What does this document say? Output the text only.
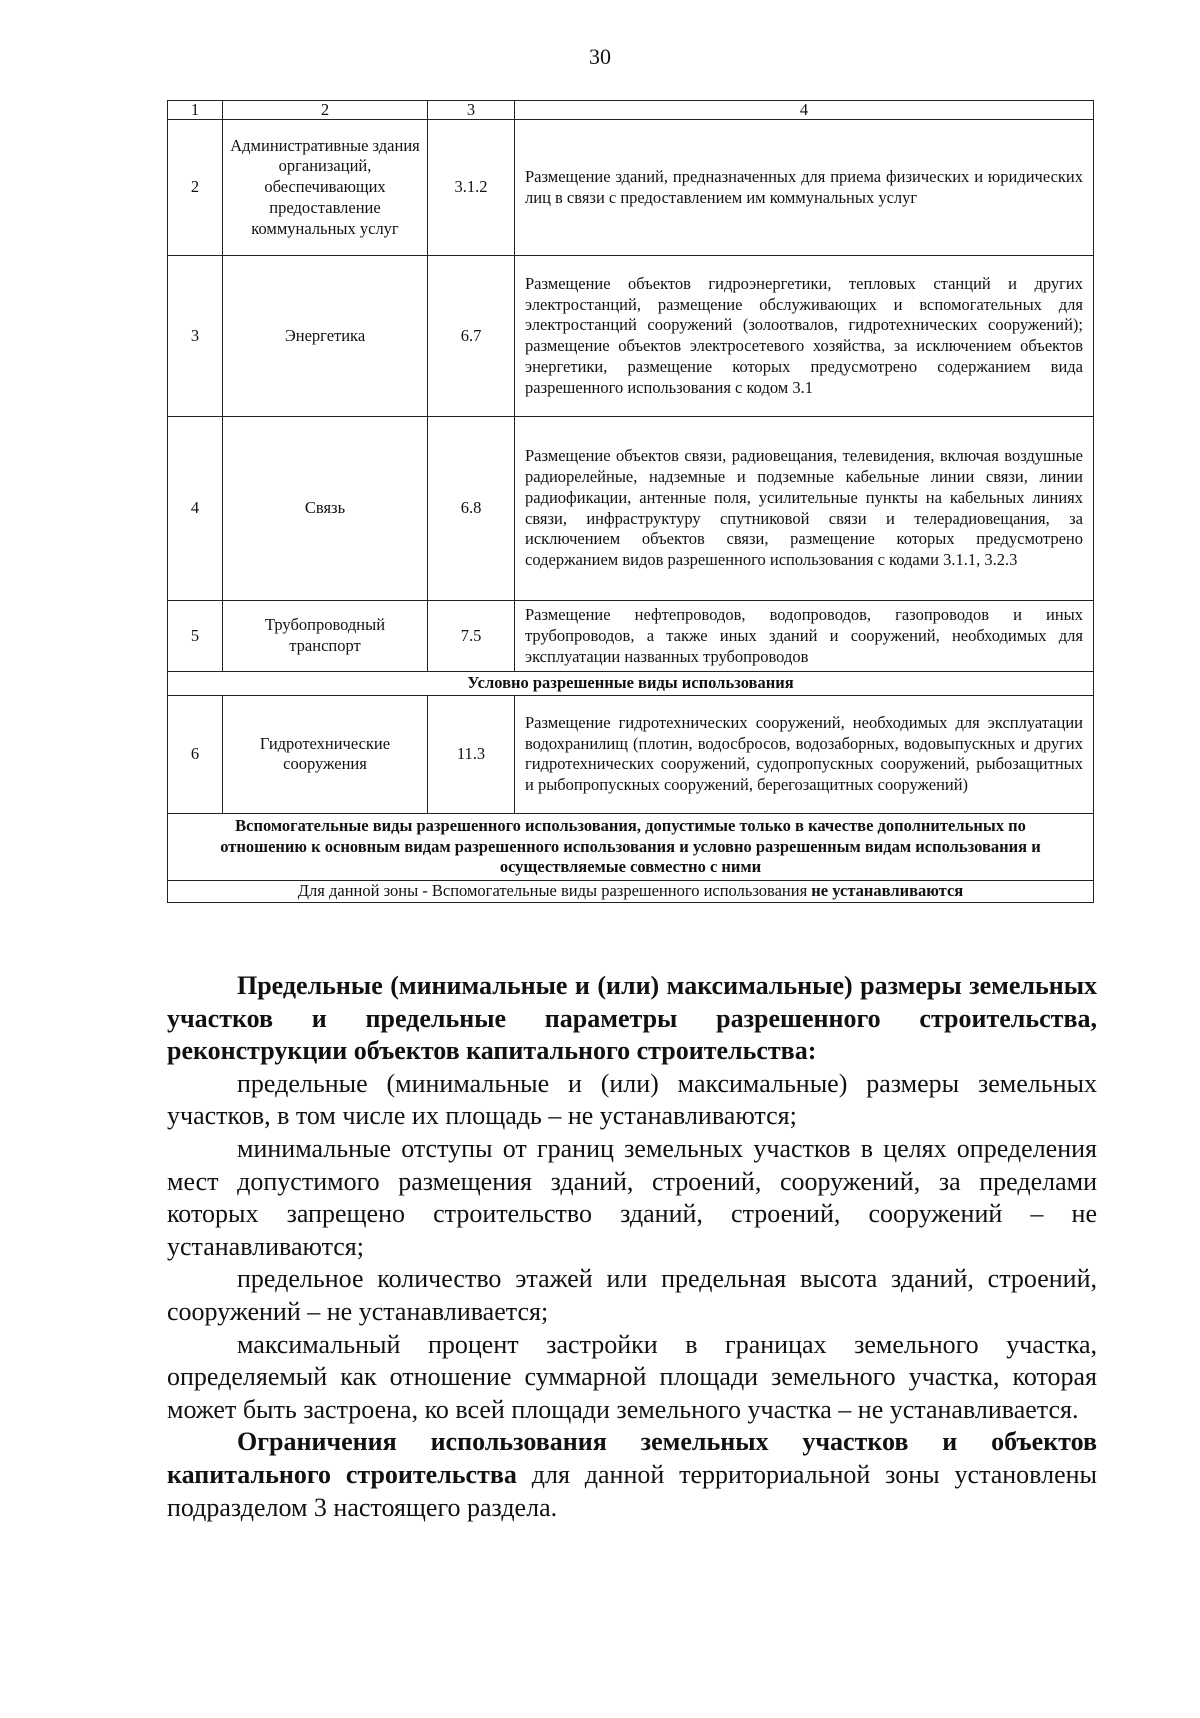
30
1	2	3	4
2	Административные здания организаций, обеспечивающих предоставление коммунальных услуг	3.1.2	Размещение зданий, предназначенных для приема физических и юридических лиц в связи с предоставлением им коммунальных услуг
3	Энергетика	6.7	Размещение объектов гидроэнергетики, тепловых станций и других электростанций, размещение обслуживающих и вспомогательных для электростанций сооружений (золоотвалов, гидротехнических сооружений); размещение объектов электросетевого хозяйства, за исключением объектов энергетики, размещение которых предусмотрено содержанием вида разрешенного использования с кодом 3.1
4	Связь	6.8	Размещение объектов связи, радиовещания, телевидения, включая воздушные радиорелейные, надземные и подземные кабельные линии связи, линии радиофикации, антенные поля, усилительные пункты на кабельных линиях связи, инфраструктуру спутниковой связи и телерадиовещания, за исключением объектов связи, размещение которых предусмотрено содержанием видов разрешенного использования с кодами 3.1.1, 3.2.3
5	Трубопроводный транспорт	7.5	Размещение нефтепроводов, водопроводов, газопроводов и иных трубопроводов, а также иных зданий и сооружений, необходимых для эксплуатации названных трубопроводов
Условно разрешенные виды использования			
6	Гидротехнические сооружения	11.3	Размещение гидротехнических сооружений, необходимых для эксплуатации водохранилищ (плотин, водосбросов, водозаборных, водовыпускных и других гидротехнических сооружений, судопропускных сооружений, рыбозащитных и рыбопропускных сооружений, берегозащитных сооружений)
Вспомогательные виды разрешенного использования, допустимые только в качестве дополнительных по отношению к основным видам разрешенного использования и условно разрешенным видам использования и осуществляемые совместно с ними			
Для данной зоны - Вспомогательные виды разрешенного использования не устанавливаются			

Предельные (минимальные и (или) максимальные) размеры земельных участков и предельные параметры разрешенного строительства, реконструкции объектов капитального строительства:

предельные (минимальные и (или) максимальные) размеры земельных участков, в том числе их площадь – не устанавливаются;

минимальные отступы от границ земельных участков в целях определения мест допустимого размещения зданий, строений, сооружений, за пределами которых запрещено строительство зданий, строений, сооружений – не устанавливаются;

предельное количество этажей или предельная высота зданий, строений, сооружений – не устанавливается;

максимальный процент застройки в границах земельного участка, определяемый как отношение суммарной площади земельного участка, которая может быть застроена, ко всей площади земельного участка – не устанавливается.

Ограничения использования земельных участков и объектов капитального строительства для данной территориальной зоны установлены подразделом 3 настоящего раздела.
